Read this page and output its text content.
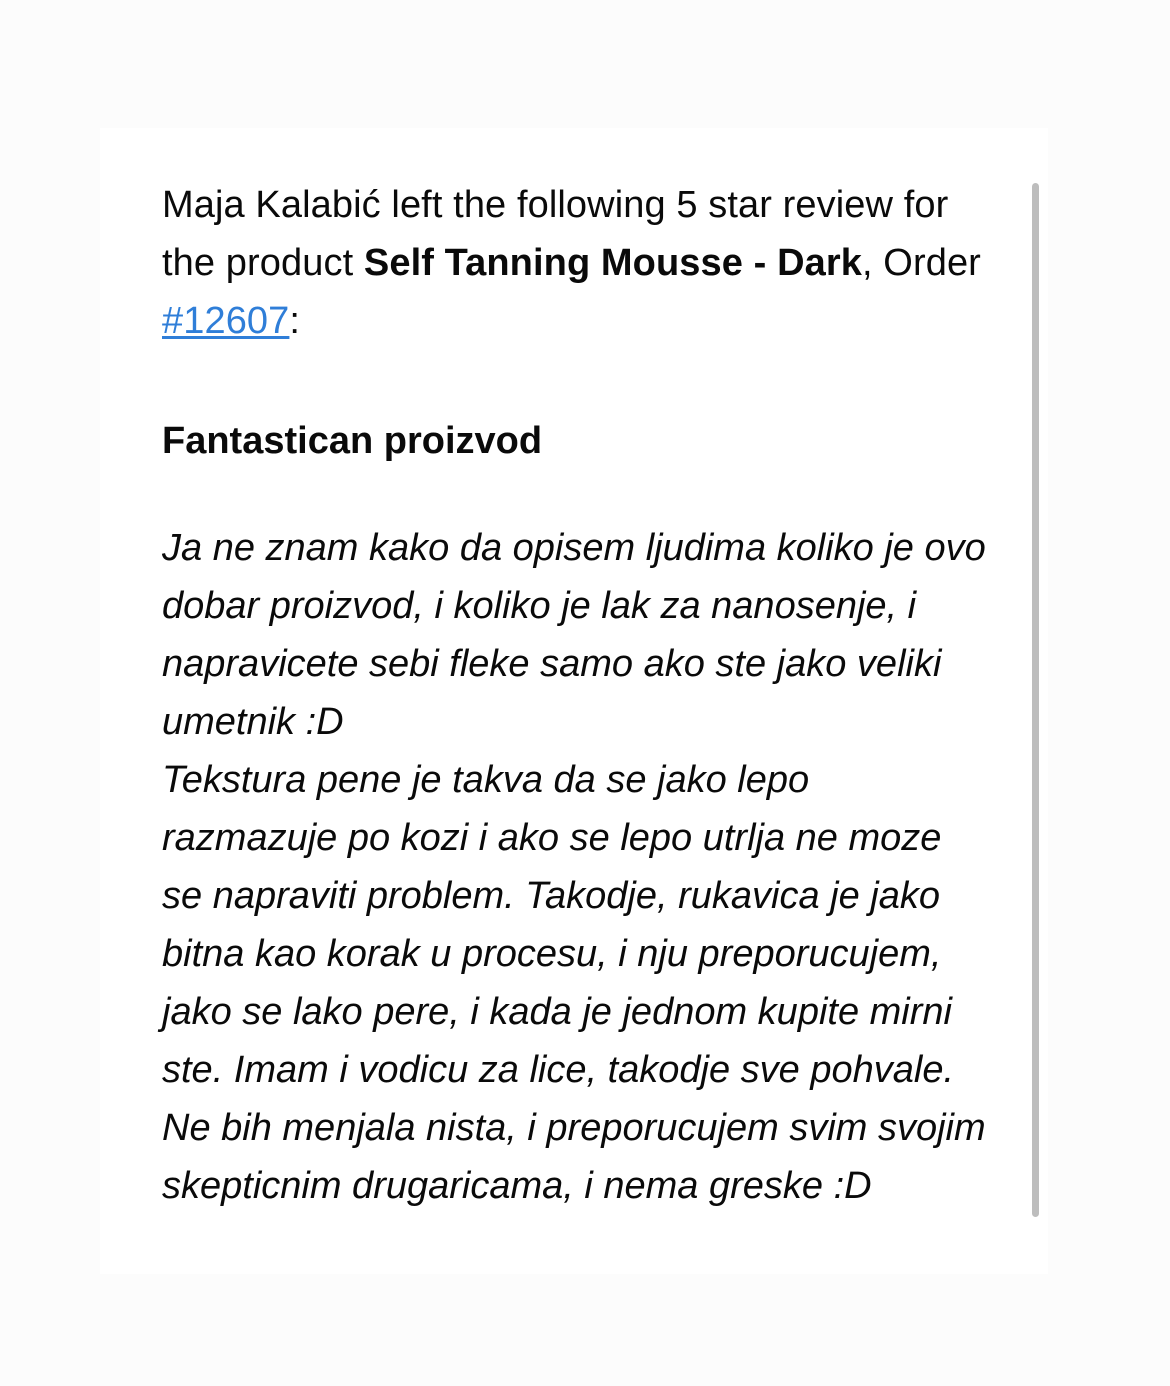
Maja Kalabić left the following 5 star review for the product Self Tanning Mousse - Dark, Order #12607:

Fantastican proizvod

Ja ne znam kako da opisem ljudima koliko je ovo dobar proizvod, i koliko je lak za nanosenje, i napravicete sebi fleke samo ako ste jako veliki umetnik :D

Tekstura pene je takva da se jako lepo razmazuje po kozi i ako se lepo utrlja ne moze se napraviti problem. Takodje, rukavica je jako bitna kao korak u procesu, i nju preporucujem, jako se lako pere, i kada je jednom kupite mirni ste. Imam i vodicu za lice, takodje sve pohvale. Ne bih menjala nista, i preporucujem svim svojim skepticnim drugaricama, i nema greske :D
